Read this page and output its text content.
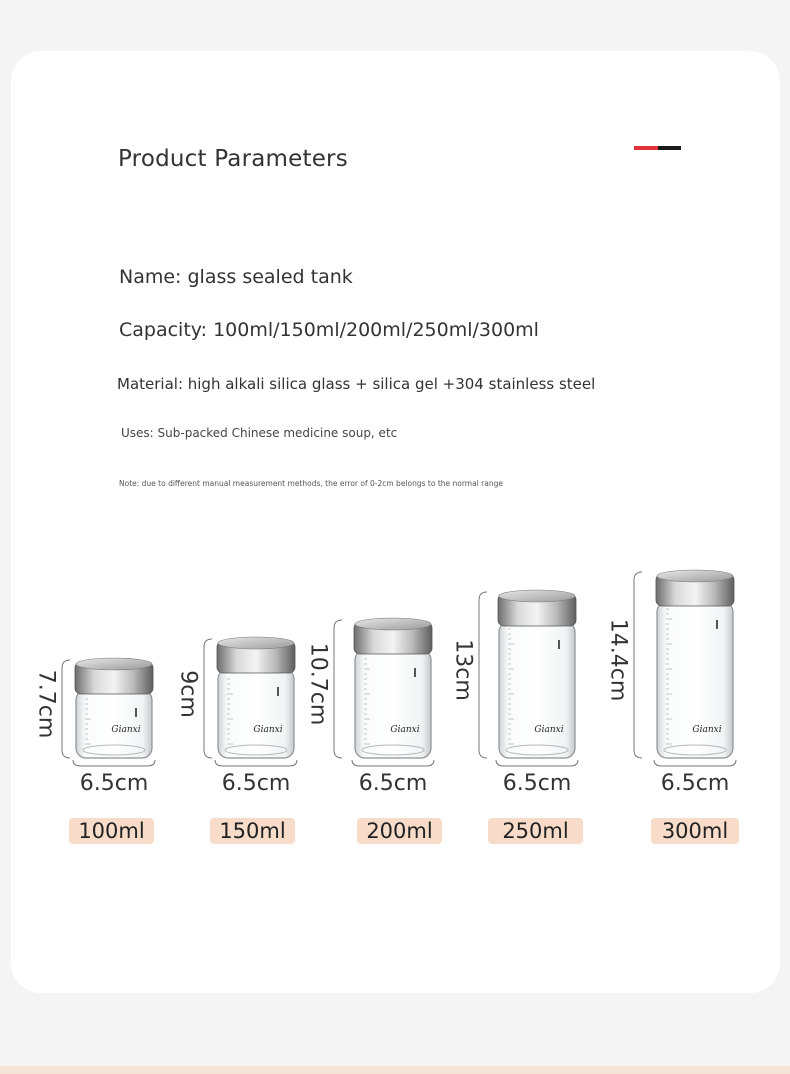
Product Parameters
Name: glass sealed tank
Capacity: 100ml/150ml/200ml/250ml/300ml
Material: high alkali silica glass + silica gel +304 stainless steel
Uses: Sub-packed Chinese medicine soup, etc
Note: due to different manual measurement methods, the error of 0-2cm belongs to the normal range
Gianxi	Gianxi	Gianxi	Gianxi	Gianxi
6.5cm
7.7cm
100ml
6.5cm
9cm
150ml
6.5cm
10.7cm
200ml
6.5cm
13cm
250ml
6.5cm
14.4cm
300ml
